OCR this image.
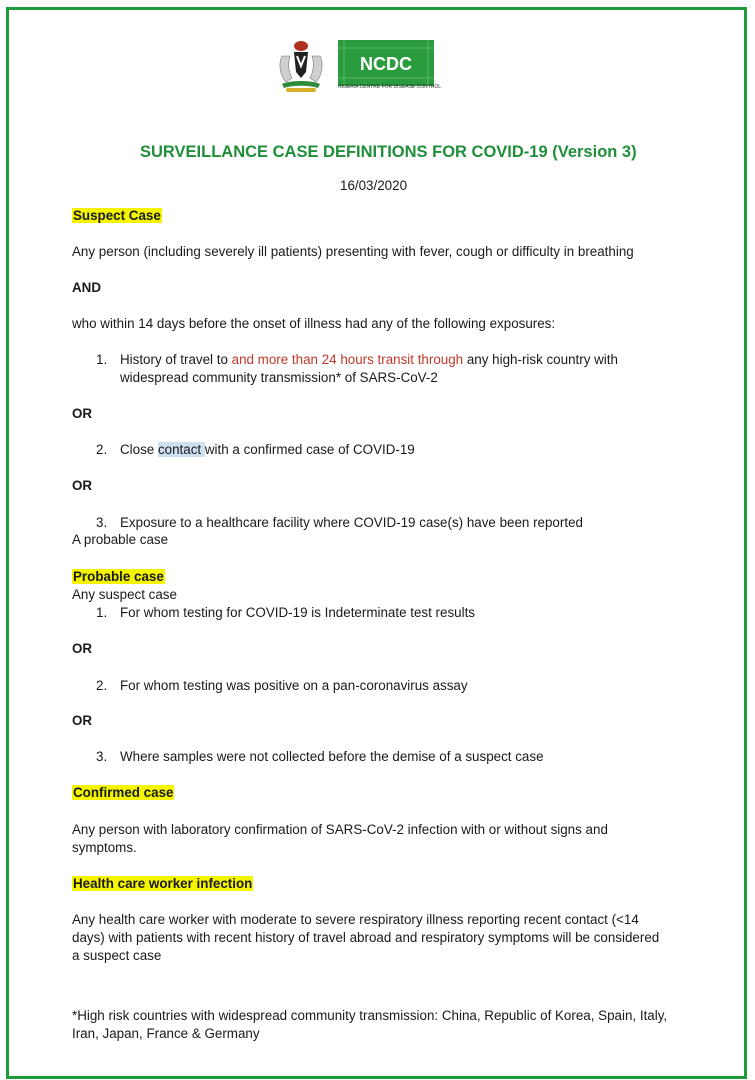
NCDC
NIGERIA CENTRE FOR DISEASE CONTROL
SURVEILLANCE CASE DEFINITIONS FOR COVID-19 (Version 3)
16/03/2020
Suspect Case
Any person (including severely ill patients) presenting with fever, cough or difficulty in breathing
AND
who within 14 days before the onset of illness had any of the following exposures:
1. History of travel to and more than 24 hours transit through any high-risk country with
widespread community transmission* of SARS-CoV-2
OR
2. Close contact with a confirmed case of COVID-19
OR
3. Exposure to a healthcare facility where COVID-19 case(s) have been reported
A probable case
Probable case
Any suspect case
1. For whom testing for COVID-19 is Indeterminate test results
OR
2. For whom testing was positive on a pan-coronavirus assay
OR
3. Where samples were not collected before the demise of a suspect case
Confirmed case
Any person with laboratory confirmation of SARS-CoV-2 infection with or without signs and
symptoms.
Health care worker infection
Any health care worker with moderate to severe respiratory illness reporting recent contact (<14
days) with patients with recent history of travel abroad and respiratory symptoms will be considered
a suspect case
*High risk countries with widespread community transmission: China, Republic of Korea, Spain, Italy,
Iran, Japan, France & Germany
